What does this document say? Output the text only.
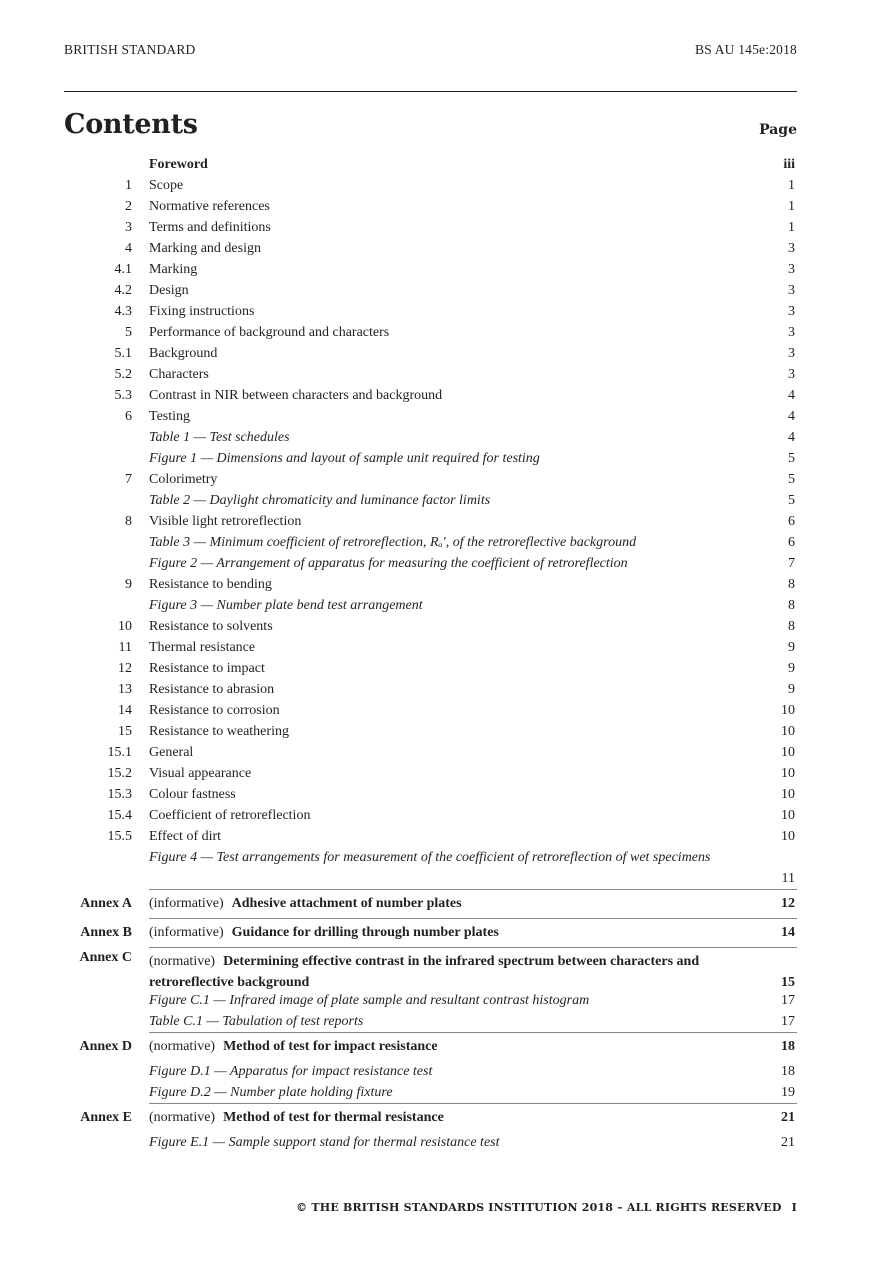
BRITISH STANDARD	BS AU 145e:2018
Contents	Page
Foreword	iii
1 Scope	1
2 Normative references	1
3 Terms and definitions	1
4 Marking and design	3
4.1 Marking	3
4.2 Design	3
4.3 Fixing instructions	3
5 Performance of background and characters	3
5.1 Background	3
5.2 Characters	3
5.3 Contrast in NIR between characters and background	4
6 Testing	4
Table 1 — Test schedules	4
Figure 1 — Dimensions and layout of sample unit required for testing	5
7 Colorimetry	5
Table 2 — Daylight chromaticity and luminance factor limits	5
8 Visible light retroreflection	6
Table 3 — Minimum coefficient of retroreflection, Rₐ′, of the retroreflective background	6
Figure 2 — Arrangement of apparatus for measuring the coefficient of retroreflection	7
9 Resistance to bending	8
Figure 3 — Number plate bend test arrangement	8
10 Resistance to solvents	8
11 Thermal resistance	9
12 Resistance to impact	9
13 Resistance to abrasion	9
14 Resistance to corrosion	10
15 Resistance to weathering	10
15.1 General	10
15.2 Visual appearance	10
15.3 Colour fastness	10
15.4 Coefficient of retroreflection	10
15.5 Effect of dirt	10
Figure 4 — Test arrangements for measurement of the coefficient of retroreflection of wet specimens
11
Annex A (informative) Adhesive attachment of number plates	12
Annex B (informative) Guidance for drilling through number plates	14
Annex C (normative) Determining effective contrast in the infrared spectrum between characters and retroreflective background	15
Figure C.1 — Infrared image of plate sample and resultant contrast histogram	17
Table C.1 — Tabulation of test reports	17
Annex D (normative) Method of test for impact resistance	18
Figure D.1 — Apparatus for impact resistance test	18
Figure D.2 — Number plate holding fixture	19
Annex E (normative) Method of test for thermal resistance	21
Figure E.1 — Sample support stand for thermal resistance test	21
© THE BRITISH STANDARDS INSTITUTION 2018 – ALL RIGHTS RESERVED I
